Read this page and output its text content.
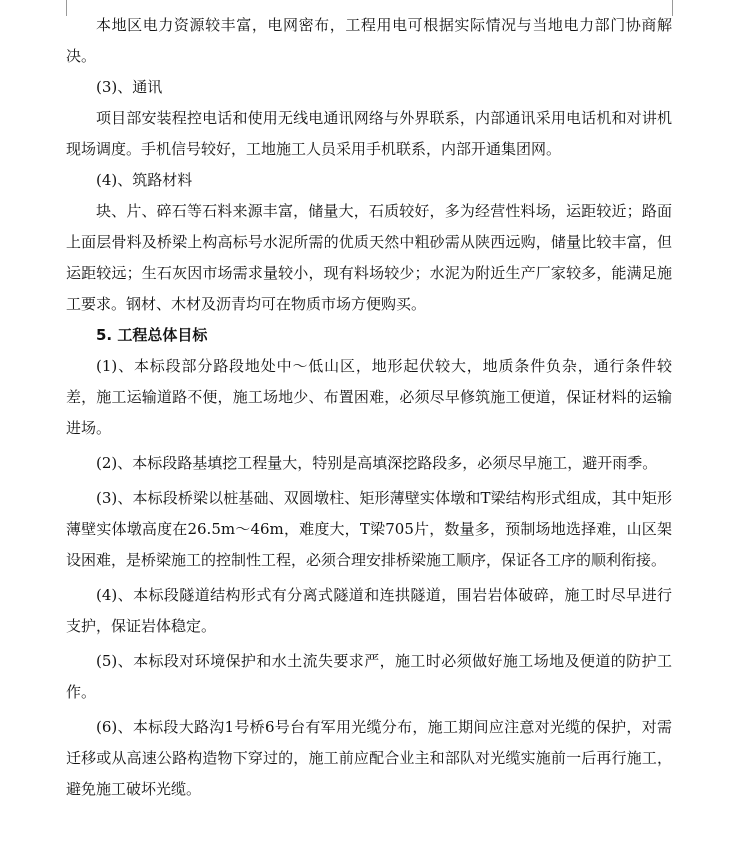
本地区电力资源较丰富，电网密布，工程用电可根据实际情况与当地电力部门协商解决。

(3)、通讯

项目部安装程控电话和使用无线电通讯网络与外界联系，内部通讯采用电话机和对讲机现场调度。手机信号较好，工地施工人员采用手机联系，内部开通集团网。

(4)、筑路材料

块、片、碎石等石料来源丰富，储量大，石质较好，多为经营性料场，运距较近；路面上面层骨料及桥梁上构高标号水泥所需的优质天然中粗砂需从陕西远购，储量比较丰富，但运距较远；生石灰因市场需求量较小，现有料场较少；水泥为附近生产厂家较多，能满足施工要求。钢材、木材及沥青均可在物质市场方便购买。

5. 工程总体目标

(1)、本标段部分路段地处中～低山区，地形起伏较大，地质条件负杂，通行条件较差，施工运输道路不便，施工场地少、布置困难，必须尽早修筑施工便道，保证材料的运输进场。

(2)、本标段路基填挖工程量大，特别是高填深挖路段多，必须尽早施工，避开雨季。

(3)、本标段桥梁以桩基础、双圆墩柱、矩形薄壁实体墩和T梁结构形式组成，其中矩形薄壁实体墩高度在26.5m～46m，难度大，T梁705片，数量多，预制场地选择难，山区架设困难，是桥梁施工的控制性工程，必须合理安排桥梁施工顺序，保证各工序的顺利衔接。

(4)、本标段隧道结构形式有分离式隧道和连拱隧道，围岩岩体破碎，施工时尽早进行支护，保证岩体稳定。

(5)、本标段对环境保护和水土流失要求严，施工时必须做好施工场地及便道的防护工作。

(6)、本标段大路沟1号桥6号台有军用光缆分布，施工期间应注意对光缆的保护，对需迁移或从高速公路构造物下穿过的，施工前应配合业主和部队对光缆实施前一后再行施工，避免施工破坏光缆。
